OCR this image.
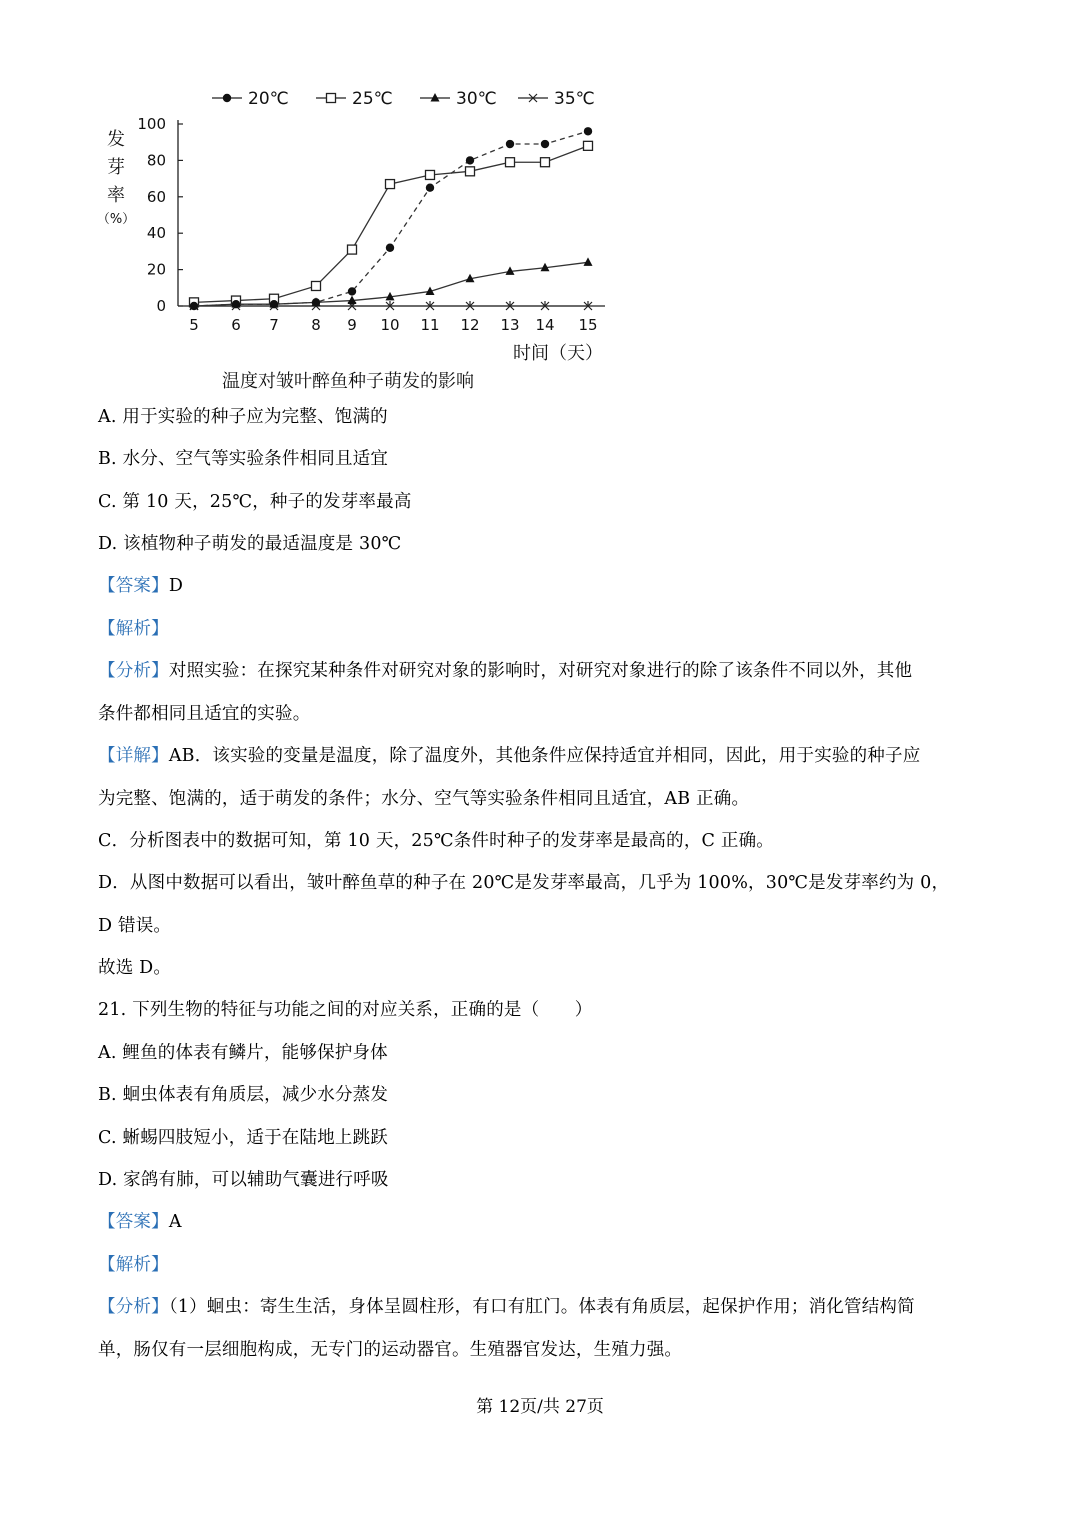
0
20
40
60
80
100
5 6 7 8 9 10 11 12 13 14 15
发
芽
率
（%）
时间（天）
温度对皱叶醉鱼种子萌发的影响
20℃	25℃	30℃	35℃
A. 用于实验的种子应为完整、饱满的
B. 水分、空气等实验条件相同且适宜
C. 第 10 天，25℃，种子的发芽率最高
D. 该植物种子萌发的最适温度是 30℃
【答案】D
【解析】
【分析】对照实验：在探究某种条件对研究对象的影响时，对研究对象进行的除了该条件不同以外，其他
条件都相同且适宜的实验。
【详解】AB．该实验的变量是温度，除了温度外，其他条件应保持适宜并相同，因此，用于实验的种子应
为完整、饱满的，适于萌发的条件；水分、空气等实验条件相同且适宜，AB 正确。
C．分析图表中的数据可知，第 10 天，25℃条件时种子的发芽率是最高的，C 正确。
D．从图中数据可以看出，皱叶醉鱼草的种子在 20℃是发芽率最高，几乎为 100%，30℃是发芽率约为 0，
D 错误。
故选 D。
21. 下列生物的特征与功能之间的对应关系，正确的是（　　）
A. 鲤鱼的体表有鳞片，能够保护身体
B. 蛔虫体表有角质层，减少水分蒸发
C. 蜥蜴四肢短小，适于在陆地上跳跃
D. 家鸽有肺，可以辅助气囊进行呼吸
【答案】A
【解析】
【分析】（1）蛔虫：寄生生活，身体呈圆柱形，有口有肛门。体表有角质层，起保护作用；消化管结构简
单，肠仅有一层细胞构成，无专门的运动器官。生殖器官发达，生殖力强。
第 12页/共 27页
